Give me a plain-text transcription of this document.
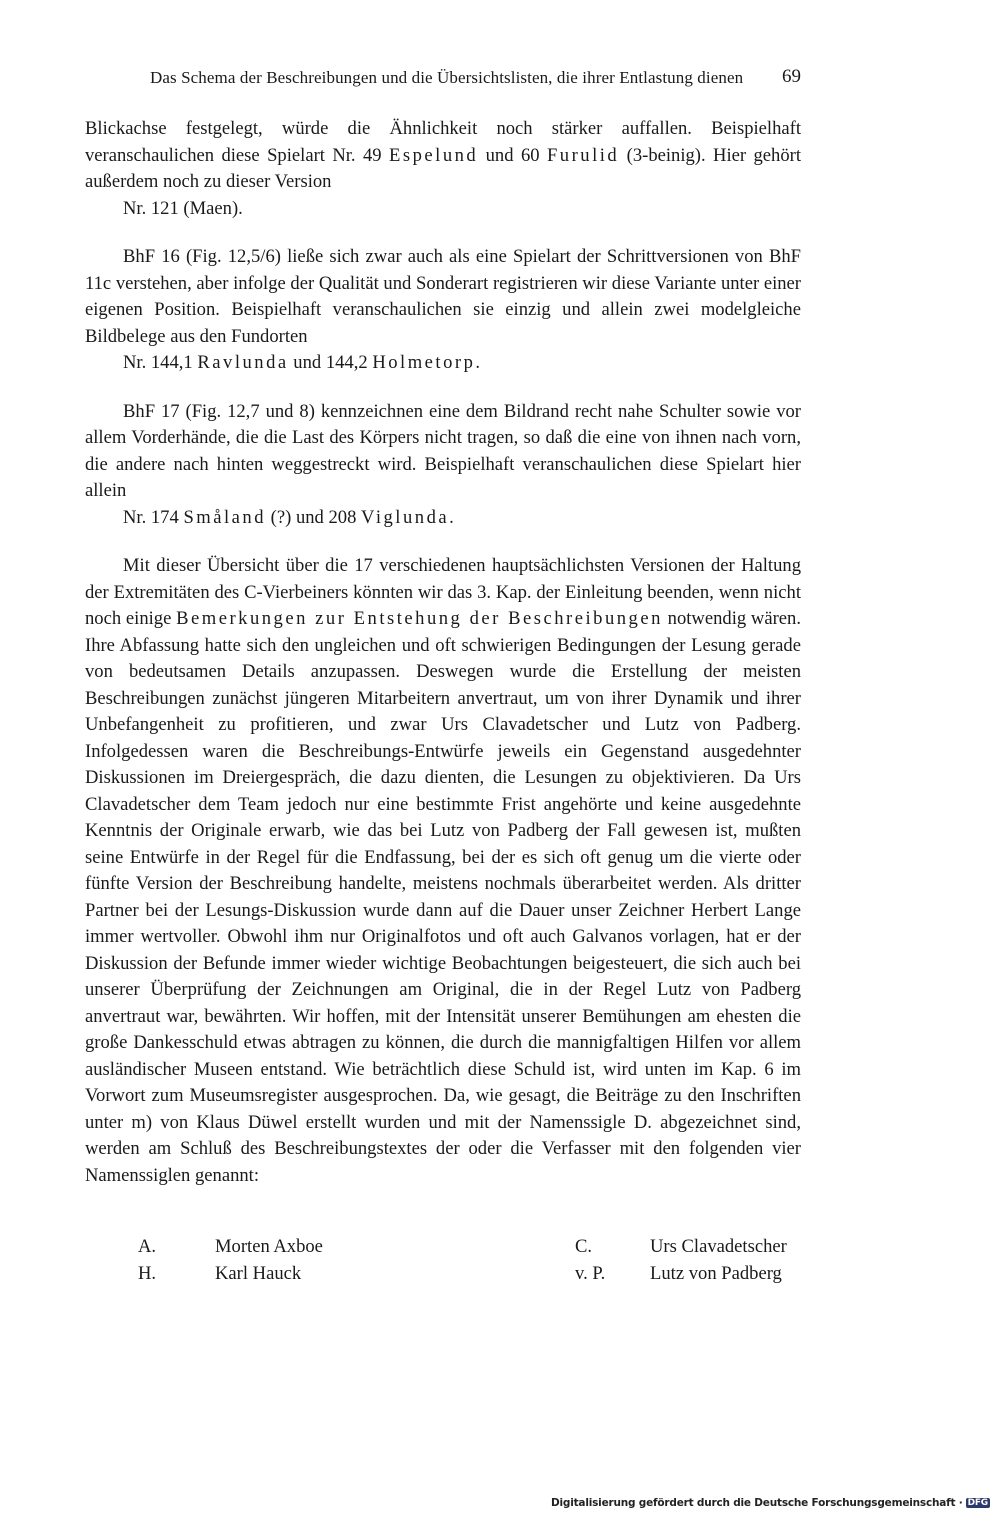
Das Schema der Beschreibungen und die Übersichtslisten, die ihrer Entlastung dienen 69

Blickachse festgelegt, würde die Ähnlichkeit noch stärker auffallen. Beispielhaft veranschaulichen diese Spielart Nr. 49 Espelund und 60 Furulid (3-beinig). Hier gehört außerdem noch zu dieser Version
Nr. 121 (Maen).

BhF 16 (Fig. 12,5/6) ließe sich zwar auch als eine Spielart der Schrittversionen von BhF 11c verstehen, aber infolge der Qualität und Sonderart registrieren wir diese Variante unter einer eigenen Position. Beispielhaft veranschaulichen sie einzig und allein zwei modelgleiche Bildbelege aus den Fundorten

Nr. 144,1 Ravlunda und 144,2 Holmetorp.

BhF 17 (Fig. 12,7 und 8) kennzeichnen eine dem Bildrand recht nahe Schulter sowie vor allem Vorderhände, die die Last des Körpers nicht tragen, so daß die eine von ihnen nach vorn, die andere nach hinten weggestreckt wird. Beispielhaft veranschaulichen diese Spielart hier allein

Nr. 174 Småland (?) und 208 Viglunda.

Mit dieser Übersicht über die 17 verschiedenen hauptsächlichsten Versionen der Haltung der Extremitäten des C-Vierbeiners könnten wir das 3. Kap. der Einleitung beenden, wenn nicht noch einige Bemerkungen zur Entstehung der Beschreibungen notwendig wären. Ihre Abfassung hatte sich den ungleichen und oft schwierigen Bedingungen der Lesung gerade von bedeutsamen Details anzupassen. Deswegen wurde die Erstellung der meisten Beschreibungen zunächst jüngeren Mitarbeitern anvertraut, um von ihrer Dynamik und ihrer Unbefangenheit zu profitieren, und zwar Urs Clavadetscher und Lutz von Padberg. Infolgedessen waren die Beschreibungs-Entwürfe jeweils ein Gegenstand ausgedehnter Diskussionen im Dreiergespräch, die dazu dienten, die Lesungen zu objektivieren. Da Urs Clavadetscher dem Team jedoch nur eine bestimmte Frist angehörte und keine ausgedehnte Kenntnis der Originale erwarb, wie das bei Lutz von Padberg der Fall gewesen ist, mußten seine Entwürfe in der Regel für die Endfassung, bei der es sich oft genug um die vierte oder fünfte Version der Beschreibung handelte, meistens nochmals überarbeitet werden. Als dritter Partner bei der Lesungs-Diskussion wurde dann auf die Dauer unser Zeichner Herbert Lange immer wertvoller. Obwohl ihm nur Originalfotos und oft auch Galvanos vorlagen, hat er der Diskussion der Befunde immer wieder wichtige Beobachtungen beigesteuert, die sich auch bei unserer Überprüfung der Zeichnungen am Original, die in der Regel Lutz von Padberg anvertraut war, bewährten. Wir hoffen, mit der Intensität unserer Bemühungen am ehesten die große Dankesschuld etwas abtragen zu können, die durch die mannigfaltigen Hilfen vor allem ausländischer Museen entstand. Wie beträchtlich diese Schuld ist, wird unten im Kap. 6 im Vorwort zum Museumsregister ausgesprochen. Da, wie gesagt, die Beiträge zu den Inschriften unter m) von Klaus Düwel erstellt wurden und mit der Namenssigle D. abgezeichnet sind, werden am Schluß des Beschreibungstextes der oder die Verfasser mit den folgenden vier Namenssiglen genannt:

A.	Morten Axboe	C.	Urs Clavadetscher
H.	Karl Hauck	v. P. Lutz von Padberg
Digitalisierung gefördert durch die Deutsche Forschungsgemeinschaft · DFG
